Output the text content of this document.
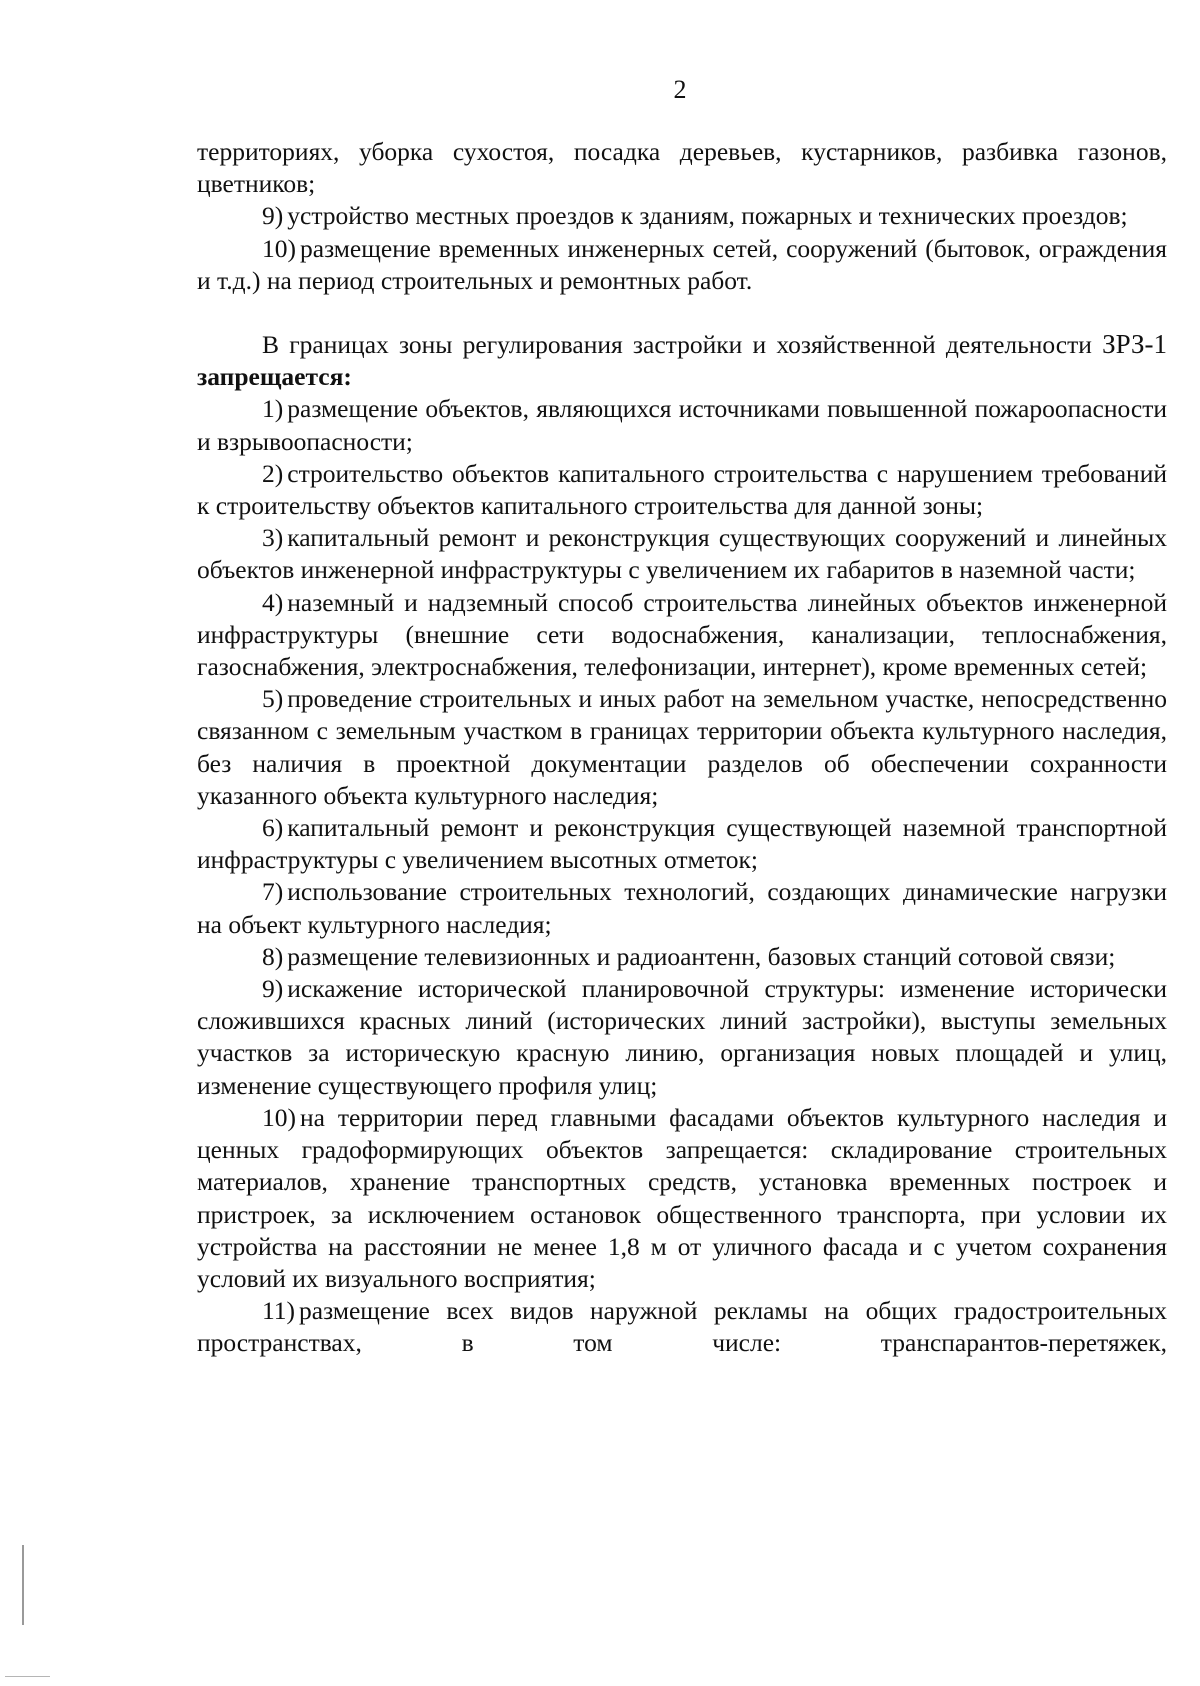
2

территориях, уборка сухостоя, посадка деревьев, кустарников, разбивка газонов, цветников;

9) устройство местных проездов к зданиям, пожарных и технических проездов;

10) размещение временных инженерных сетей, сооружений (бытовок, ограждения и т.д.) на период строительных и ремонтных работ.

В границах зоны регулирования застройки и хозяйственной деятельности ЗРЗ-1 запрещается:

1) размещение объектов, являющихся источниками повышенной пожароопасности и взрывоопасности;

2) строительство объектов капитального строительства с нарушением требований к строительству объектов капитального строительства для данной зоны;

3) капитальный ремонт и реконструкция существующих сооружений и линейных объектов инженерной инфраструктуры с увеличением их габаритов в наземной части;

4) наземный и надземный способ строительства линейных объектов инженерной инфраструктуры (внешние сети водоснабжения, канализации, теплоснабжения, газоснабжения, электроснабжения, телефонизации, интернет), кроме временных сетей;

5) проведение строительных и иных работ на земельном участке, непосредственно связанном с земельным участком в границах территории объекта культурного наследия, без наличия в проектной документации разделов об обеспечении сохранности указанного объекта культурного наследия;

6) капитальный ремонт и реконструкция существующей наземной транспортной инфраструктуры с увеличением высотных отметок;

7) использование строительных технологий, создающих динамические нагрузки на объект культурного наследия;

8) размещение телевизионных и радиоантенн, базовых станций сотовой связи;

9) искажение исторической планировочной структуры: изменение исторически сложившихся красных линий (исторических линий застройки), выступы земельных участков за историческую красную линию, организация новых площадей и улиц, изменение существующего профиля улиц;

10) на территории перед главными фасадами объектов культурного наследия и ценных градоформирующих объектов запрещается: складирование строительных материалов, хранение транспортных средств, установка временных построек и пристроек, за исключением остановок общественного транспорта, при условии их устройства на расстоянии не менее 1,8 м от уличного фасада и с учетом сохранения условий их визуального восприятия;

11) размещение всех видов наружной рекламы на общих градостроительных пространствах, в том числе: транспарантов-перетяжек,
